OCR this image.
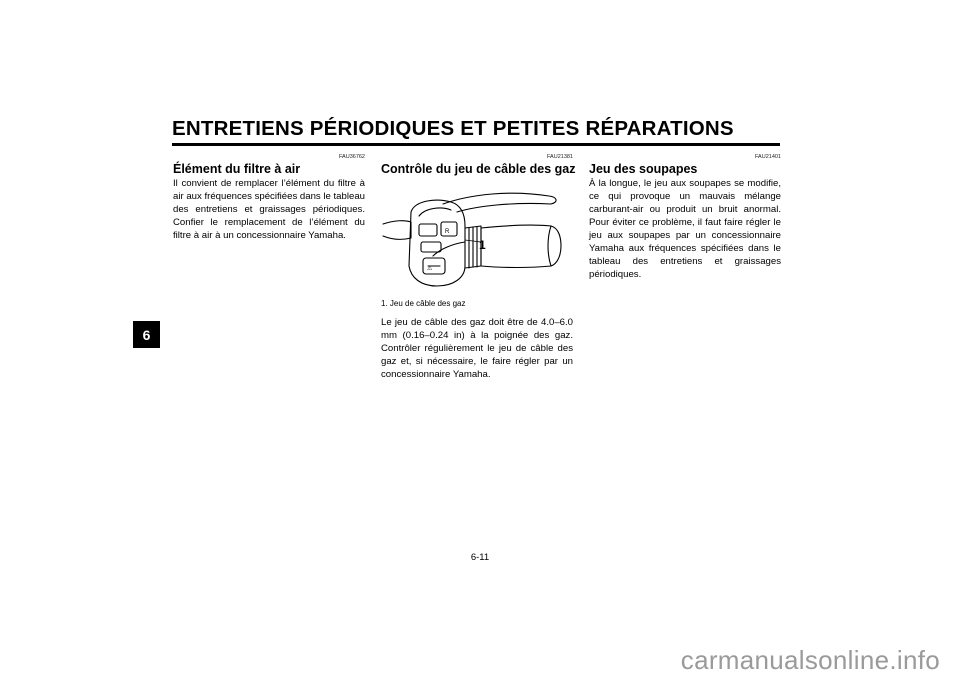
ENTRETIENS PÉRIODIQUES ET PETITES RÉPARATIONS
6
FAU36762
Élément du filtre à air

Il convient de remplacer l’élément du filtre à air aux fréquences spécifiées dans le tableau des entretiens et graissages périodiques. Confier le remplacement de l’élément du filtre à air à un concessionnaire Yamaha.

FAU21381
Contrôle du jeu de câble des gaz
R
⚠
1
1. Jeu de câble des gaz

Le jeu de câble des gaz doit être de 4.0–6.0 mm (0.16–0.24 in) à la poignée des gaz. Contrôler régulièrement le jeu de câble des gaz et, si nécessaire, le faire régler par un concessionnaire Yamaha.

FAU21401
Jeu des soupapes

À la longue, le jeu aux soupapes se modifie, ce qui provoque un mauvais mélange carburant-air ou produit un bruit anormal. Pour éviter ce problème, il faut faire régler le jeu aux soupapes par un concessionnaire Yamaha aux fréquences spécifiées dans le tableau des entretiens et graissages périodiques.

6-11
carmanualsonline.info
